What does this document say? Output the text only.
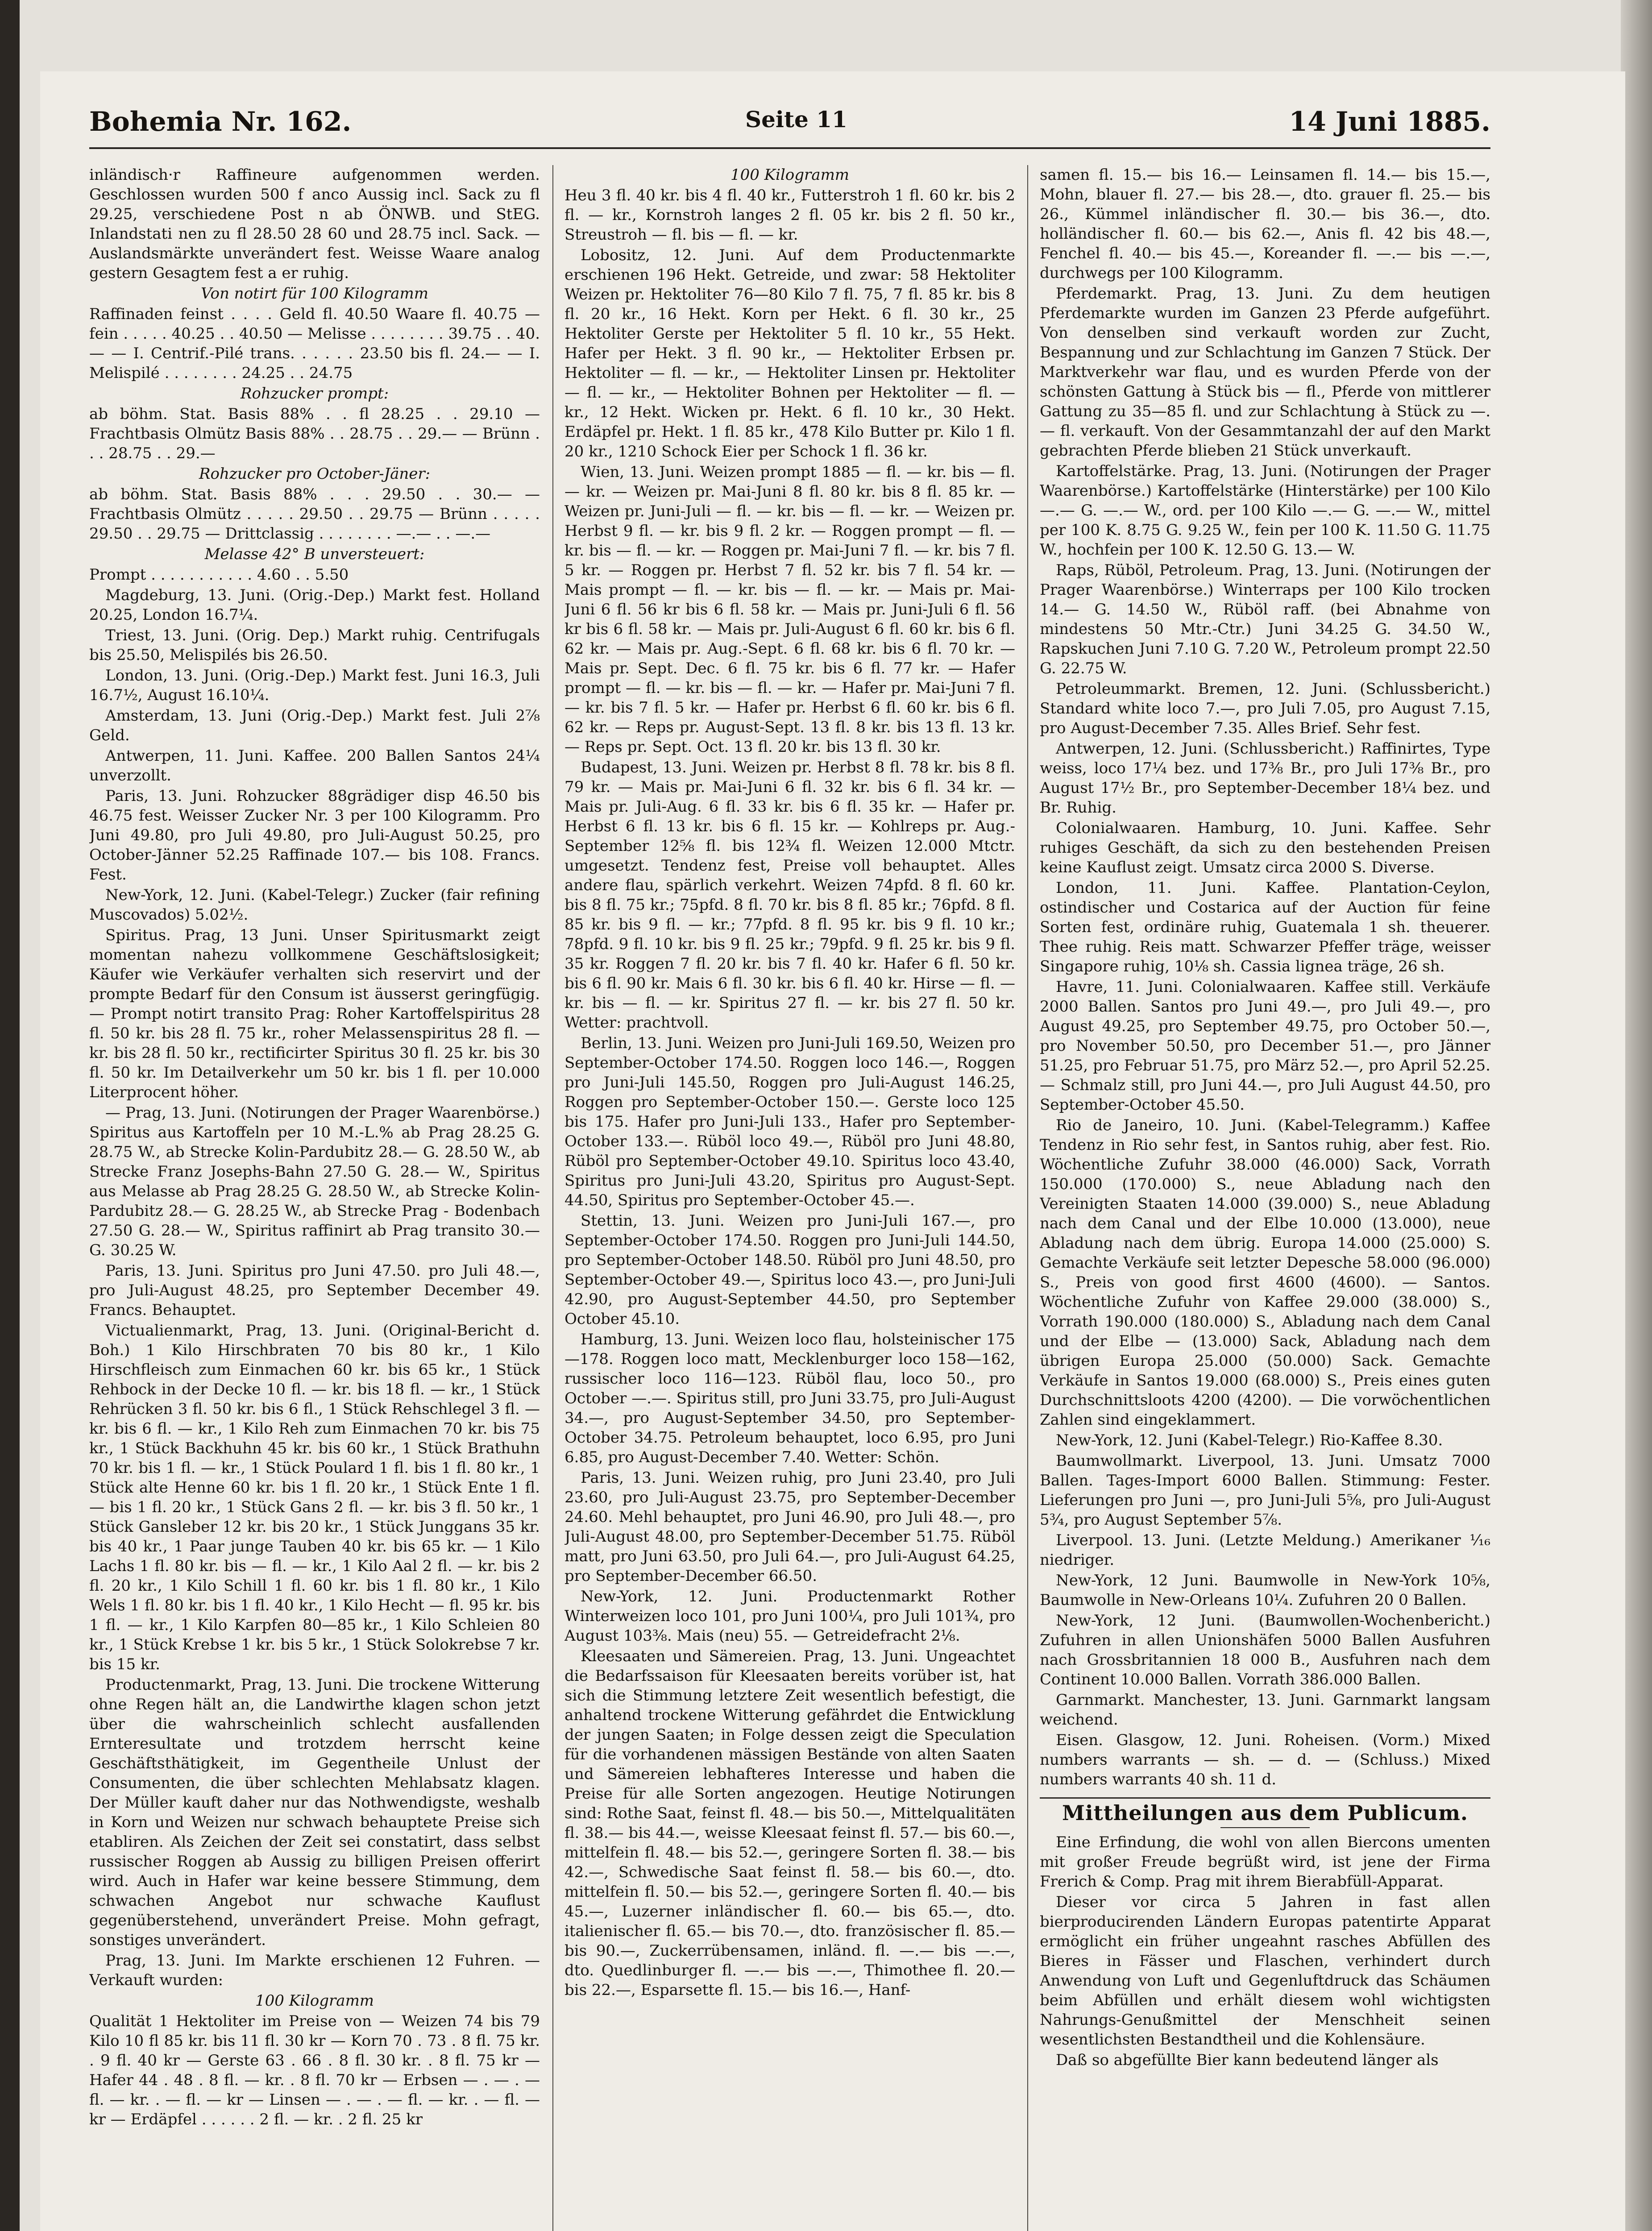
Bohemia Nr. 162.	Seite 11	14 Juni 1885.

inländisch·r Raffineure aufgenommen werden. Geschlossen wurden 500 f anco Aussig incl. Sack zu fl 29.25, verschiedene Post n ab ÖNWB. und StEG. Inlandstati nen zu fl 28.50 28 60 und 28.75 incl. Sack. — Auslandsmärkte unverändert fest. Weisse Waare analog gestern Gesagtem fest a er ruhig.

Von notirt für 100 Kilogramm

Raffinaden feinst . . . . Geld fl. 40.50 Waare fl. 40.75 — fein . . . . . 40.25 . . 40.50 — Melisse . . . . . . . . 39.75 . . 40.— — I. Centrif.-Pilé trans. . . . . . 23.50 bis fl. 24.— — I. Melispilé . . . . . . . . 24.25 . . 24.75

Rohzucker prompt:

ab böhm. Stat. Basis 88% . . fl 28.25 . . 29.10 — Frachtbasis Olmütz Basis 88% . . 28.75 . . 29.— — Brünn . . . 28.75 . . 29.—

Rohzucker pro October-Jäner:

ab böhm. Stat. Basis 88% . . . 29.50 . . 30.— — Frachtbasis Olmütz . . . . . 29.50 . . 29.75 — Brünn . . . . . 29.50 . . 29.75 — Drittclassig . . . . . . . . —.— . . —.—

Melasse 42° B unversteuert:

Prompt . . . . . . . . . . . 4.60 . . 5.50

Magdeburg, 13. Juni. (Orig.-Dep.) Markt fest. Holland 20.25, London 16.7¼.

Triest, 13. Juni. (Orig. Dep.) Markt ruhig. Centrifugals bis 25.50, Melispilés bis 26.50.

London, 13. Juni. (Orig.-Dep.) Markt fest. Juni 16.3, Juli 16.7½, August 16.10¼.

Amsterdam, 13. Juni (Orig.-Dep.) Markt fest. Juli 2⅞ Geld.

Antwerpen, 11. Juni. Kaffee. 200 Ballen Santos 24¼ unverzollt.

Paris, 13. Juni. Rohzucker 88grädiger disp 46.50 bis 46.75 fest. Weisser Zucker Nr. 3 per 100 Kilogramm. Pro Juni 49.80, pro Juli 49.80, pro Juli-August 50.25, pro October-Jänner 52.25 Raffinade 107.— bis 108. Francs. Fest.

New-York, 12. Juni. (Kabel-Telegr.) Zucker (fair refining Muscovados) 5.02½.

Spiritus. Prag, 13 Juni. Unser Spiritusmarkt zeigt momentan nahezu vollkommene Geschäftslosigkeit; Käufer wie Verkäufer verhalten sich reservirt und der prompte Bedarf für den Consum ist äusserst geringfügig. — Prompt notirt transito Prag: Roher Kartoffelspiritus 28 fl. 50 kr. bis 28 fl. 75 kr., roher Melassenspiritus 28 fl. — kr. bis 28 fl. 50 kr., rectificirter Spiritus 30 fl. 25 kr. bis 30 fl. 50 kr. Im Detailverkehr um 50 kr. bis 1 fl. per 10.000 Literprocent höher.

— Prag, 13. Juni. (Notirungen der Prager Waarenbörse.) Spiritus aus Kartoffeln per 10 M.-L.% ab Prag 28.25 G. 28.75 W., ab Strecke Kolin-Pardubitz 28.— G. 28.50 W., ab Strecke Franz Josephs-Bahn 27.50 G. 28.— W., Spiritus aus Melasse ab Prag 28.25 G. 28.50 W., ab Strecke Kolin-Pardubitz 28.— G. 28.25 W., ab Strecke Prag - Bodenbach 27.50 G. 28.— W., Spiritus raffinirt ab Prag transito 30.— G. 30.25 W.

Paris, 13. Juni. Spiritus pro Juni 47.50. pro Juli 48.—, pro Juli-August 48.25, pro September December 49. Francs. Behauptet.

Victualienmarkt, Prag, 13. Juni. (Original-Bericht d. Boh.) 1 Kilo Hirschbraten 70 bis 80 kr., 1 Kilo Hirschfleisch zum Einmachen 60 kr. bis 65 kr., 1 Stück Rehbock in der Decke 10 fl. — kr. bis 18 fl. — kr., 1 Stück Rehrücken 3 fl. 50 kr. bis 6 fl., 1 Stück Rehschlegel 3 fl. — kr. bis 6 fl. — kr., 1 Kilo Reh zum Einmachen 70 kr. bis 75 kr., 1 Stück Backhuhn 45 kr. bis 60 kr., 1 Stück Brathuhn 70 kr. bis 1 fl. — kr., 1 Stück Poulard 1 fl. bis 1 fl. 80 kr., 1 Stück alte Henne 60 kr. bis 1 fl. 20 kr., 1 Stück Ente 1 fl. — bis 1 fl. 20 kr., 1 Stück Gans 2 fl. — kr. bis 3 fl. 50 kr., 1 Stück Gansleber 12 kr. bis 20 kr., 1 Stück Junggans 35 kr. bis 40 kr., 1 Paar junge Tauben 40 kr. bis 65 kr. — 1 Kilo Lachs 1 fl. 80 kr. bis — fl. — kr., 1 Kilo Aal 2 fl. — kr. bis 2 fl. 20 kr., 1 Kilo Schill 1 fl. 60 kr. bis 1 fl. 80 kr., 1 Kilo Wels 1 fl. 80 kr. bis 1 fl. 40 kr., 1 Kilo Hecht — fl. 95 kr. bis 1 fl. — kr., 1 Kilo Karpfen 80—85 kr., 1 Kilo Schleien 80 kr., 1 Stück Krebse 1 kr. bis 5 kr., 1 Stück Solokrebse 7 kr. bis 15 kr.

Productenmarkt, Prag, 13. Juni. Die trockene Witterung ohne Regen hält an, die Landwirthe klagen schon jetzt über die wahrscheinlich schlecht ausfallenden Ernteresultate und trotzdem herrscht keine Geschäftsthätigkeit, im Gegentheile Unlust der Consumenten, die über schlechten Mehlabsatz klagen. Der Müller kauft daher nur das Nothwendigste, weshalb in Korn und Weizen nur schwach behauptete Preise sich etabliren. Als Zeichen der Zeit sei constatirt, dass selbst russischer Roggen ab Aussig zu billigen Preisen offerirt wird. Auch in Hafer war keine bessere Stimmung, dem schwachen Angebot nur schwache Kauflust gegenüberstehend, unverändert Preise. Mohn gefragt, sonstiges unverändert.

Prag, 13. Juni. Im Markte erschienen 12 Fuhren. — Verkauft wurden:

100 Kilogramm

Qualität 1 Hektoliter im Preise von — Weizen 74 bis 79 Kilo 10 fl 85 kr. bis 11 fl. 30 kr — Korn 70 . 73 . 8 fl. 75 kr. . 9 fl. 40 kr — Gerste 63 . 66 . 8 fl. 30 kr. . 8 fl. 75 kr — Hafer 44 . 48 . 8 fl. — kr. . 8 fl. 70 kr — Erbsen — . — . — fl. — kr. . — fl. — kr — Linsen — . — . — fl. — kr. . — fl. — kr — Erdäpfel . . . . . . 2 fl. — kr. . 2 fl. 25 kr

100 Kilogramm

Heu 3 fl. 40 kr. bis 4 fl. 40 kr., Futterstroh 1 fl. 60 kr. bis 2 fl. — kr., Kornstroh langes 2 fl. 05 kr. bis 2 fl. 50 kr., Streustroh — fl. bis — fl. — kr.

Lobositz, 12. Juni. Auf dem Productenmarkte erschienen 196 Hekt. Getreide, und zwar: 58 Hektoliter Weizen pr. Hektoliter 76—80 Kilo 7 fl. 75, 7 fl. 85 kr. bis 8 fl. 20 kr., 16 Hekt. Korn per Hekt. 6 fl. 30 kr., 25 Hektoliter Gerste per Hektoliter 5 fl. 10 kr., 55 Hekt. Hafer per Hekt. 3 fl. 90 kr., — Hektoliter Erbsen pr. Hektoliter — fl. — kr., — Hektoliter Linsen pr. Hektoliter — fl. — kr., — Hektoliter Bohnen per Hektoliter — fl. — kr., 12 Hekt. Wicken pr. Hekt. 6 fl. 10 kr., 30 Hekt. Erdäpfel pr. Hekt. 1 fl. 85 kr., 478 Kilo Butter pr. Kilo 1 fl. 20 kr., 1210 Schock Eier per Schock 1 fl. 36 kr.

Wien, 13. Juni. Weizen prompt 1885 — fl. — kr. bis — fl. — kr. — Weizen pr. Mai-Juni 8 fl. 80 kr. bis 8 fl. 85 kr. — Weizen pr. Juni-Juli — fl. — kr. bis — fl. — kr. — Weizen pr. Herbst 9 fl. — kr. bis 9 fl. 2 kr. — Roggen prompt — fl. — kr. bis — fl. — kr. — Roggen pr. Mai-Juni 7 fl. — kr. bis 7 fl. 5 kr. — Roggen pr. Herbst 7 fl. 52 kr. bis 7 fl. 54 kr. — Mais prompt — fl. — kr. bis — fl. — kr. — Mais pr. Mai-Juni 6 fl. 56 kr bis 6 fl. 58 kr. — Mais pr. Juni-Juli 6 fl. 56 kr bis 6 fl. 58 kr. — Mais pr. Juli-August 6 fl. 60 kr. bis 6 fl. 62 kr. — Mais pr. Aug.-Sept. 6 fl. 68 kr. bis 6 fl. 70 kr. — Mais pr. Sept. Dec. 6 fl. 75 kr. bis 6 fl. 77 kr. — Hafer prompt — fl. — kr. bis — fl. — kr. — Hafer pr. Mai-Juni 7 fl. — kr. bis 7 fl. 5 kr. — Hafer pr. Herbst 6 fl. 60 kr. bis 6 fl. 62 kr. — Reps pr. August-Sept. 13 fl. 8 kr. bis 13 fl. 13 kr. — Reps pr. Sept. Oct. 13 fl. 20 kr. bis 13 fl. 30 kr.

Budapest, 13. Juni. Weizen pr. Herbst 8 fl. 78 kr. bis 8 fl. 79 kr. — Mais pr. Mai-Juni 6 fl. 32 kr. bis 6 fl. 34 kr. — Mais pr. Juli-Aug. 6 fl. 33 kr. bis 6 fl. 35 kr. — Hafer pr. Herbst 6 fl. 13 kr. bis 6 fl. 15 kr. — Kohlreps pr. Aug.-September 12⅝ fl. bis 12¾ fl. Weizen 12.000 Mtctr. umgesetzt. Tendenz fest, Preise voll behauptet. Alles andere flau, spärlich verkehrt. Weizen 74pfd. 8 fl. 60 kr. bis 8 fl. 75 kr.; 75pfd. 8 fl. 70 kr. bis 8 fl. 85 kr.; 76pfd. 8 fl. 85 kr. bis 9 fl. — kr.; 77pfd. 8 fl. 95 kr. bis 9 fl. 10 kr.; 78pfd. 9 fl. 10 kr. bis 9 fl. 25 kr.; 79pfd. 9 fl. 25 kr. bis 9 fl. 35 kr. Roggen 7 fl. 20 kr. bis 7 fl. 40 kr. Hafer 6 fl. 50 kr. bis 6 fl. 90 kr. Mais 6 fl. 30 kr. bis 6 fl. 40 kr. Hirse — fl. — kr. bis — fl. — kr. Spiritus 27 fl. — kr. bis 27 fl. 50 kr. Wetter: prachtvoll.

Berlin, 13. Juni. Weizen pro Juni-Juli 169.50, Weizen pro September-October 174.50. Roggen loco 146.—, Roggen pro Juni-Juli 145.50, Roggen pro Juli-August 146.25, Roggen pro September-October 150.—. Gerste loco 125 bis 175. Hafer pro Juni-Juli 133., Hafer pro September-October 133.—. Rüböl loco 49.—, Rüböl pro Juni 48.80, Rüböl pro September-October 49.10. Spiritus loco 43.40, Spiritus pro Juni-Juli 43.20, Spiritus pro August-Sept. 44.50, Spiritus pro September-October 45.—.

Stettin, 13. Juni. Weizen pro Juni-Juli 167.—, pro September-October 174.50. Roggen pro Juni-Juli 144.50, pro September-October 148.50. Rüböl pro Juni 48.50, pro September-October 49.—, Spiritus loco 43.—, pro Juni-Juli 42.90, pro August-September 44.50, pro September October 45.10.

Hamburg, 13. Juni. Weizen loco flau, holsteinischer 175—178. Roggen loco matt, Mecklenburger loco 158—162, russischer loco 116—123. Rüböl flau, loco 50., pro October —.—. Spiritus still, pro Juni 33.75, pro Juli-August 34.—, pro August-September 34.50, pro September-October 34.75. Petroleum behauptet, loco 6.95, pro Juni 6.85, pro August-December 7.40. Wetter: Schön.

Paris, 13. Juni. Weizen ruhig, pro Juni 23.40, pro Juli 23.60, pro Juli-August 23.75, pro September-December 24.60. Mehl behauptet, pro Juni 46.90, pro Juli 48.—, pro Juli-August 48.00, pro September-December 51.75. Rüböl matt, pro Juni 63.50, pro Juli 64.—, pro Juli-August 64.25, pro September-December 66.50.

New-York, 12. Juni. Productenmarkt Rother Winterweizen loco 101, pro Juni 100¼, pro Juli 101¾, pro August 103⅜. Mais (neu) 55. — Getreidefracht 2⅛.

Kleesaaten und Sämereien. Prag, 13. Juni. Ungeachtet die Bedarfssaison für Kleesaaten bereits vorüber ist, hat sich die Stimmung letztere Zeit wesentlich befestigt, die anhaltend trockene Witterung gefährdet die Entwicklung der jungen Saaten; in Folge dessen zeigt die Speculation für die vorhandenen mässigen Bestände von alten Saaten und Sämereien lebhafteres Interesse und haben die Preise für alle Sorten angezogen. Heutige Notirungen sind: Rothe Saat, feinst fl. 48.— bis 50.—, Mittelqualitäten fl. 38.— bis 44.—, weisse Kleesaat feinst fl. 57.— bis 60.—, mittelfein fl. 48.— bis 52.—, geringere Sorten fl. 38.— bis 42.—, Schwedische Saat feinst fl. 58.— bis 60.—, dto. mittelfein fl. 50.— bis 52.—, geringere Sorten fl. 40.— bis 45.—, Luzerner inländischer fl. 60.— bis 65.—, dto. italienischer fl. 65.— bis 70.—, dto. französischer fl. 85.— bis 90.—, Zuckerrübensamen, inländ. fl. —.— bis —.—, dto. Quedlinburger fl. —.— bis —.—, Thimothee fl. 20.— bis 22.—, Esparsette fl. 15.— bis 16.—, Hanf-

samen fl. 15.— bis 16.— Leinsamen fl. 14.— bis 15.—, Mohn, blauer fl. 27.— bis 28.—, dto. grauer fl. 25.— bis 26., Kümmel inländischer fl. 30.— bis 36.—, dto. holländischer fl. 60.— bis 62.—, Anis fl. 42 bis 48.—, Fenchel fl. 40.— bis 45.—, Koreander fl. —.— bis —.—, durchwegs per 100 Kilogramm.

Pferdemarkt. Prag, 13. Juni. Zu dem heutigen Pferdemarkte wurden im Ganzen 23 Pferde aufgeführt. Von denselben sind verkauft worden zur Zucht, Bespannung und zur Schlachtung im Ganzen 7 Stück. Der Marktverkehr war flau, und es wurden Pferde von der schönsten Gattung à Stück bis — fl., Pferde von mittlerer Gattung zu 35—85 fl. und zur Schlachtung à Stück zu —.— fl. verkauft. Von der Gesammtanzahl der auf den Markt gebrachten Pferde blieben 21 Stück unverkauft.

Kartoffelstärke. Prag, 13. Juni. (Notirungen der Prager Waarenbörse.) Kartoffelstärke (Hinterstärke) per 100 Kilo —.— G. —.— W., ord. per 100 Kilo —.— G. —.— W., mittel per 100 K. 8.75 G. 9.25 W., fein per 100 K. 11.50 G. 11.75 W., hochfein per 100 K. 12.50 G. 13.— W.

Raps, Rüböl, Petroleum. Prag, 13. Juni. (Notirungen der Prager Waarenbörse.) Winterraps per 100 Kilo trocken 14.— G. 14.50 W., Rüböl raff. (bei Abnahme von mindestens 50 Mtr.-Ctr.) Juni 34.25 G. 34.50 W., Rapskuchen Juni 7.10 G. 7.20 W., Petroleum prompt 22.50 G. 22.75 W.

Petroleummarkt. Bremen, 12. Juni. (Schlussbericht.) Standard white loco 7.—, pro Juli 7.05, pro August 7.15, pro August-December 7.35. Alles Brief. Sehr fest.

Antwerpen, 12. Juni. (Schlussbericht.) Raffinirtes, Type weiss, loco 17¼ bez. und 17⅜ Br., pro Juli 17⅜ Br., pro August 17½ Br., pro September-December 18¼ bez. und Br. Ruhig.

Colonialwaaren. Hamburg, 10. Juni. Kaffee. Sehr ruhiges Geschäft, da sich zu den bestehenden Preisen keine Kauflust zeigt. Umsatz circa 2000 S. Diverse.

London, 11. Juni. Kaffee. Plantation-Ceylon, ostindischer und Costarica auf der Auction für feine Sorten fest, ordinäre ruhig, Guatemala 1 sh. theuerer. Thee ruhig. Reis matt. Schwarzer Pfeffer träge, weisser Singapore ruhig, 10⅛ sh. Cassia lignea träge, 26 sh.

Havre, 11. Juni. Colonialwaaren. Kaffee still. Verkäufe 2000 Ballen. Santos pro Juni 49.—, pro Juli 49.—, pro August 49.25, pro September 49.75, pro October 50.—, pro November 50.50, pro December 51.—, pro Jänner 51.25, pro Februar 51.75, pro März 52.—, pro April 52.25. — Schmalz still, pro Juni 44.—, pro Juli August 44.50, pro September-October 45.50.

Rio de Janeiro, 10. Juni. (Kabel-Telegramm.) Kaffee Tendenz in Rio sehr fest, in Santos ruhig, aber fest. Rio. Wöchentliche Zufuhr 38.000 (46.000) Sack, Vorrath 150.000 (170.000) S., neue Abladung nach den Vereinigten Staaten 14.000 (39.000) S., neue Abladung nach dem Canal und der Elbe 10.000 (13.000), neue Abladung nach dem übrig. Europa 14.000 (25.000) S. Gemachte Verkäufe seit letzter Depesche 58.000 (96.000) S., Preis von good first 4600 (4600). — Santos. Wöchentliche Zufuhr von Kaffee 29.000 (38.000) S., Vorrath 190.000 (180.000) S., Abladung nach dem Canal und der Elbe — (13.000) Sack, Abladung nach dem übrigen Europa 25.000 (50.000) Sack. Gemachte Verkäufe in Santos 19.000 (68.000) S., Preis eines guten Durchschnittsloots 4200 (4200). — Die vorwöchentlichen Zahlen sind eingeklammert.

New-York, 12. Juni (Kabel-Telegr.) Rio-Kaffee 8.30.

Baumwollmarkt. Liverpool, 13. Juni. Umsatz 7000 Ballen. Tages-Import 6000 Ballen. Stimmung: Fester. Lieferungen pro Juni —, pro Juni-Juli 5⅝, pro Juli-August 5¾, pro August September 5⅞.

Liverpool. 13. Juni. (Letzte Meldung.) Amerikaner ⅟₁₆ niedriger.

New-York, 12 Juni. Baumwolle in New-York 10⅝, Baumwolle in New-Orleans 10¼. Zufuhren 20 0 Ballen.

New-York, 12 Juni. (Baumwollen-Wochenbericht.) Zufuhren in allen Unionshäfen 5000 Ballen Ausfuhren nach Grossbritannien 18 000 B., Ausfuhren nach dem Continent 10.000 Ballen. Vorrath 386.000 Ballen.

Garnmarkt. Manchester, 13. Juni. Garnmarkt langsam weichend.

Eisen. Glasgow, 12. Juni. Roheisen. (Vorm.) Mixed numbers warrants — sh. — d. — (Schluss.) Mixed numbers warrants 40 sh. 11 d.

Mittheilungen aus dem Publicum.

Eine Erfindung, die wohl von allen Biercons umenten mit großer Freude begrüßt wird, ist jene der Firma Frerich & Comp. Prag mit ihrem Bierabfüll-Apparat.

Dieser vor circa 5 Jahren in fast allen bierproducirenden Ländern Europas patentirte Apparat ermöglicht ein früher ungeahnt rasches Abfüllen des Bieres in Fässer und Flaschen, verhindert durch Anwendung von Luft und Gegenluftdruck das Schäumen beim Abfüllen und erhält diesem wohl wichtigsten Nahrungs-Genußmittel der Menschheit seinen wesentlichsten Bestandtheil und die Kohlensäure.

Daß so abgefüllte Bier kann bedeutend länger als
